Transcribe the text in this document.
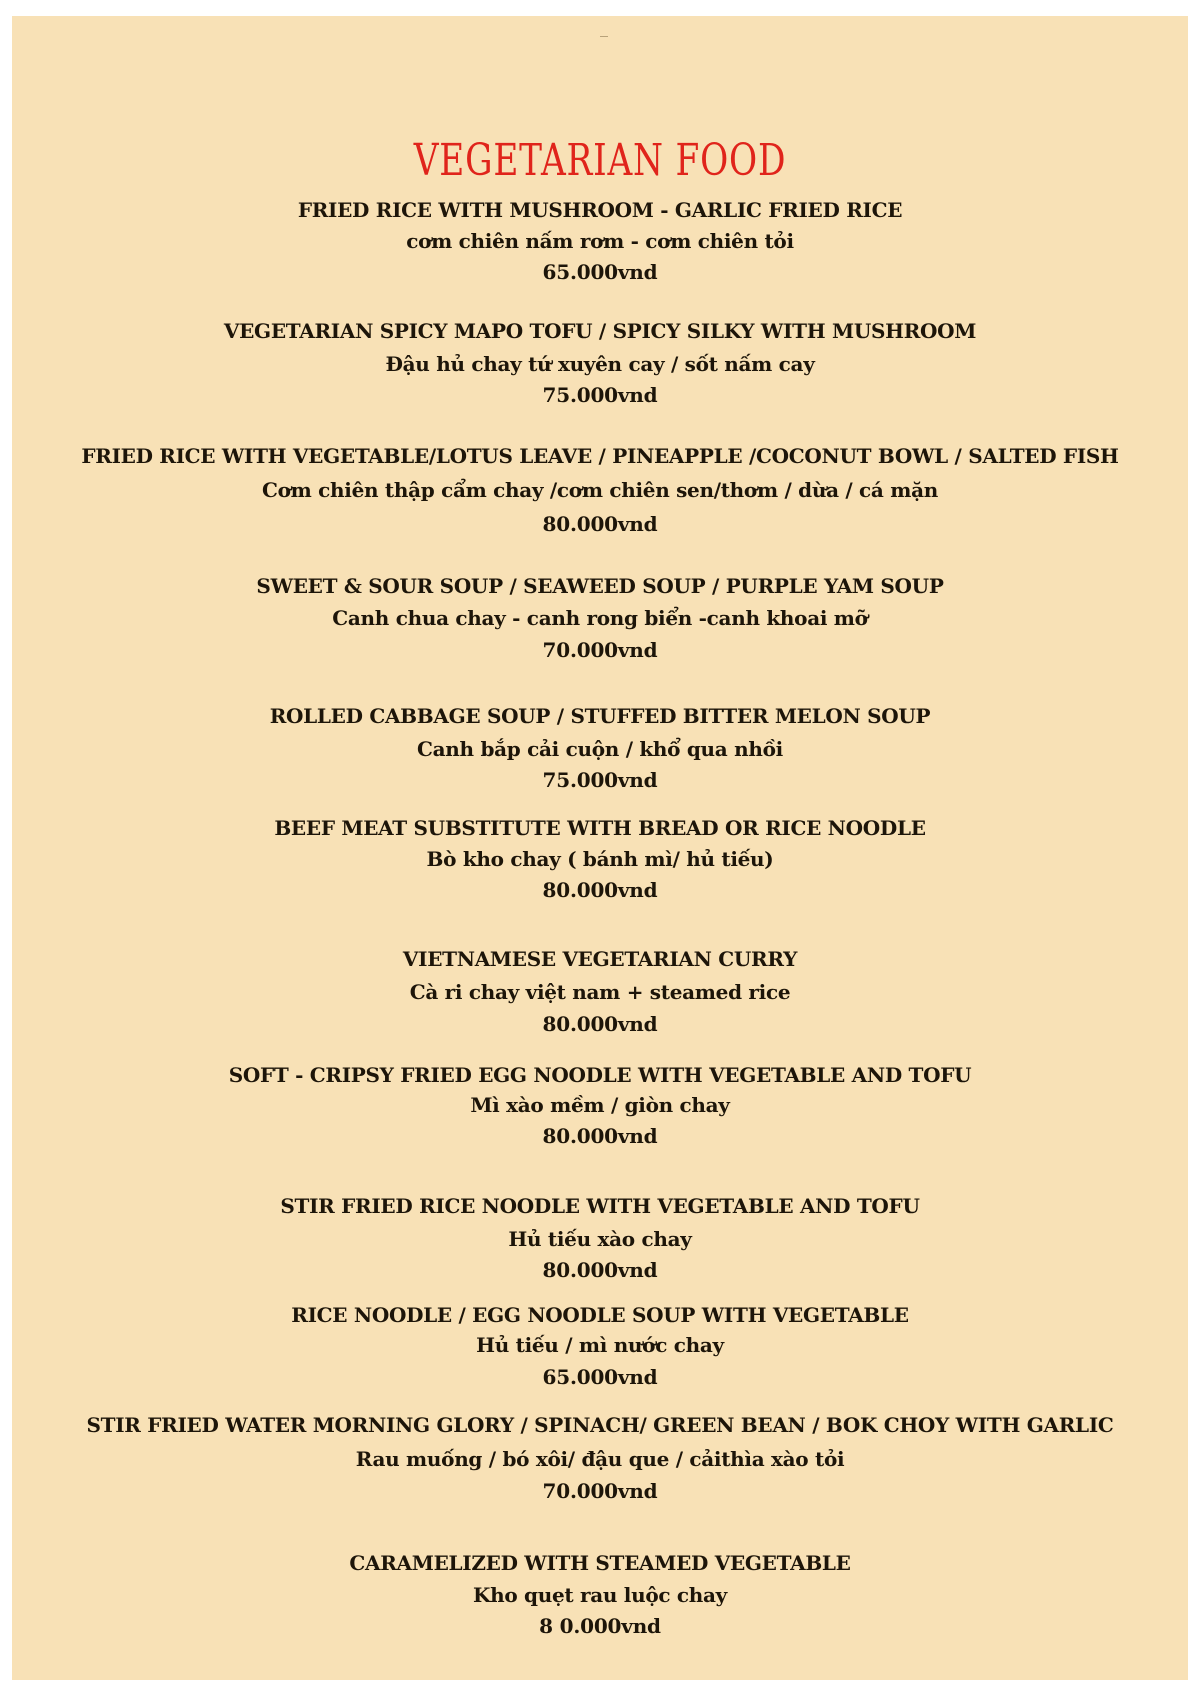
VEGETARIAN FOOD
FRIED RICE WITH MUSHROOM - GARLIC FRIED RICE
cơm chiên nấm rơm - cơm chiên tỏi
65.000vnd
VEGETARIAN SPICY MAPO TOFU / SPICY SILKY WITH MUSHROOM
Đậu hủ chay tứ xuyên cay / sốt nấm cay
75.000vnd
FRIED RICE WITH VEGETABLE/LOTUS LEAVE / PINEAPPLE /COCONUT BOWL / SALTED FISH
Cơm chiên thập cẩm chay /cơm chiên sen/thơm / dừa / cá mặn
80.000vnd
SWEET & SOUR SOUP / SEAWEED SOUP / PURPLE YAM SOUP
Canh chua chay - canh rong biển -canh khoai mỡ
70.000vnd
ROLLED CABBAGE SOUP / STUFFED BITTER MELON SOUP
Canh bắp cải cuộn / khổ qua nhồi
75.000vnd
BEEF MEAT SUBSTITUTE WITH BREAD OR RICE NOODLE
Bò kho chay ( bánh mì/ hủ tiếu)
80.000vnd
VIETNAMESE VEGETARIAN CURRY
Cà ri chay việt nam + steamed rice
80.000vnd
SOFT - CRIPSY FRIED EGG NOODLE WITH VEGETABLE AND TOFU
Mì xào mềm / giòn chay
80.000vnd
STIR FRIED RICE NOODLE WITH VEGETABLE AND TOFU
Hủ tiếu xào chay
80.000vnd
RICE NOODLE / EGG NOODLE SOUP WITH VEGETABLE
Hủ tiếu / mì nước chay
65.000vnd
STIR FRIED WATER MORNING GLORY / SPINACH/ GREEN BEAN / BOK CHOY WITH GARLIC
Rau muống / bó xôi/ đậu que / cảithìa xào tỏi
70.000vnd
CARAMELIZED WITH STEAMED VEGETABLE
Kho quẹt rau luộc chay
8 0.000vnd
